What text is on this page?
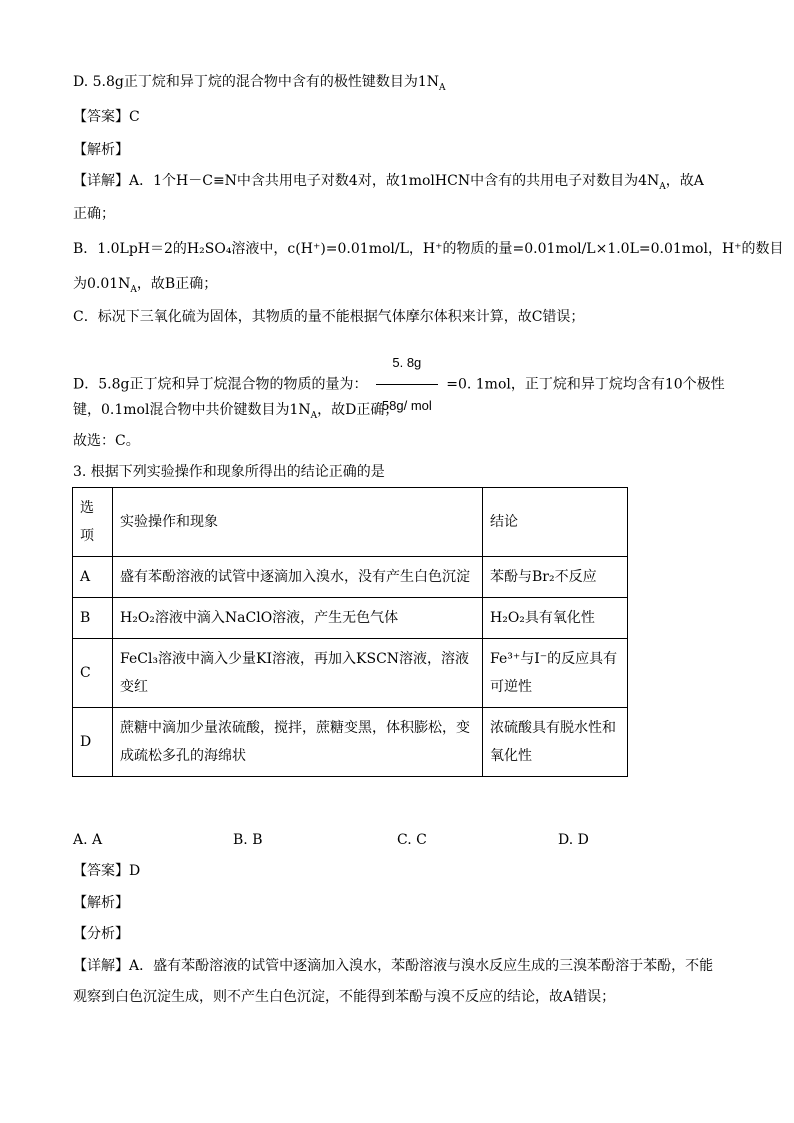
D. 5.8g正丁烷和异丁烷的混合物中含有的极性键数目为$1N_A$
【答案】C
【解析】
【详解】A．1个H－C≡N中含共用电子对数4对，故1molHCN中含有的共用电子对数目为$4N_A$，故A
正确；
B．1.0LpH＝2的H₂SO₄溶液中，c(H⁺)=0.01mol/L，H⁺的物质的量=0.01mol/L×1.0L=0.01mol，H⁺的数目
为$0.01N_A$，故B正确；
C．标况下三氧化硫为固体，其物质的量不能根据气体摩尔体积来计算，故C错误；
D．5.8g正丁烷和异丁烷混合物的物质的量为： $\frac{5. 8g}{\text{58g/ mol}} =0$. 1mol，正丁烷和异丁烷均含有10个极性
键，0.1mol混合物中共价键数目为$1N_A$，故D正确；
故选：C。
3. 根据下列实验操作和现象所得出的结论正确的是
选项	实验操作和现象	结论
A	盛有苯酚溶液的试管中逐滴加入溴水，没有产生白色沉淀	苯酚与Br₂不反应
B	H₂O₂溶液中滴入NaClO溶液，产生无色气体	H₂O₂具有氧化性
C	FeCl₃溶液中滴入少量KI溶液，再加入KSCN溶液，溶液变红	Fe³⁺与I⁻的反应具有可逆性
D	蔗糖中滴加少量浓硫酸，搅拌，蔗糖变黑，体积膨松，变成疏松多孔的海绵状	浓硫酸具有脱水性和氧化性
A. A	B. B	C. C	D. D
【答案】D
【解析】
【分析】
【详解】A．盛有苯酚溶液的试管中逐滴加入溴水，苯酚溶液与溴水反应生成的三溴苯酚溶于苯酚，不能
观察到白色沉淀生成，则不产生白色沉淀，不能得到苯酚与溴不反应的结论，故A错误；
